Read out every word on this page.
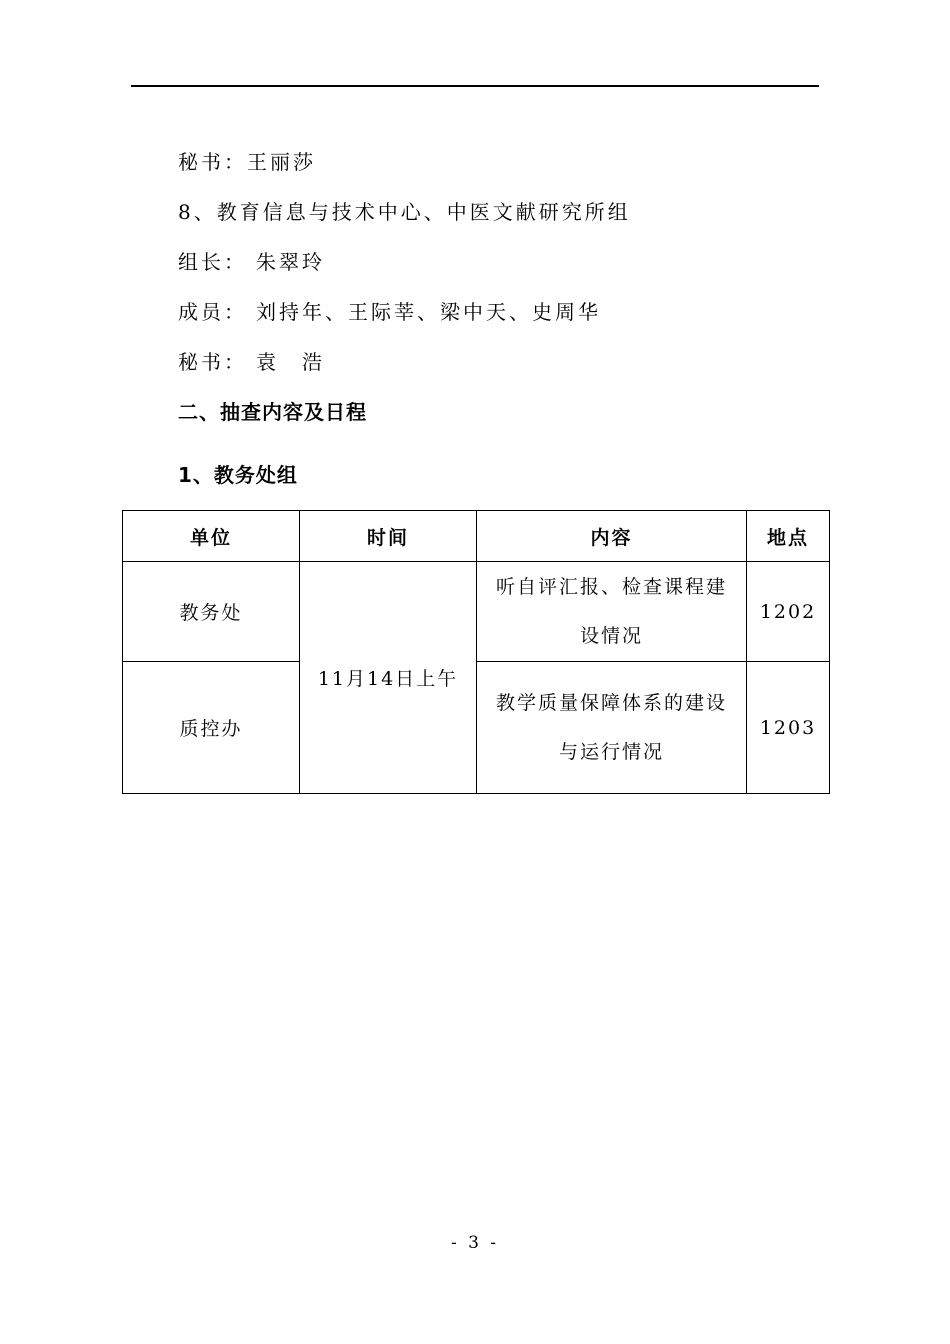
秘书：王丽莎
8、教育信息与技术中心、中医文献研究所组
组长： 朱翠玲
成员： 刘持年、王际莘、梁中天、史周华
秘书： 袁　浩
二、抽查内容及日程
1、教务处组
单位	时间	内容	地点
教务处	11月14日上午	听自评汇报、检查课程建设情况	1202
质控办		教学质量保障体系的建设与运行情况	1203
- 3 -
